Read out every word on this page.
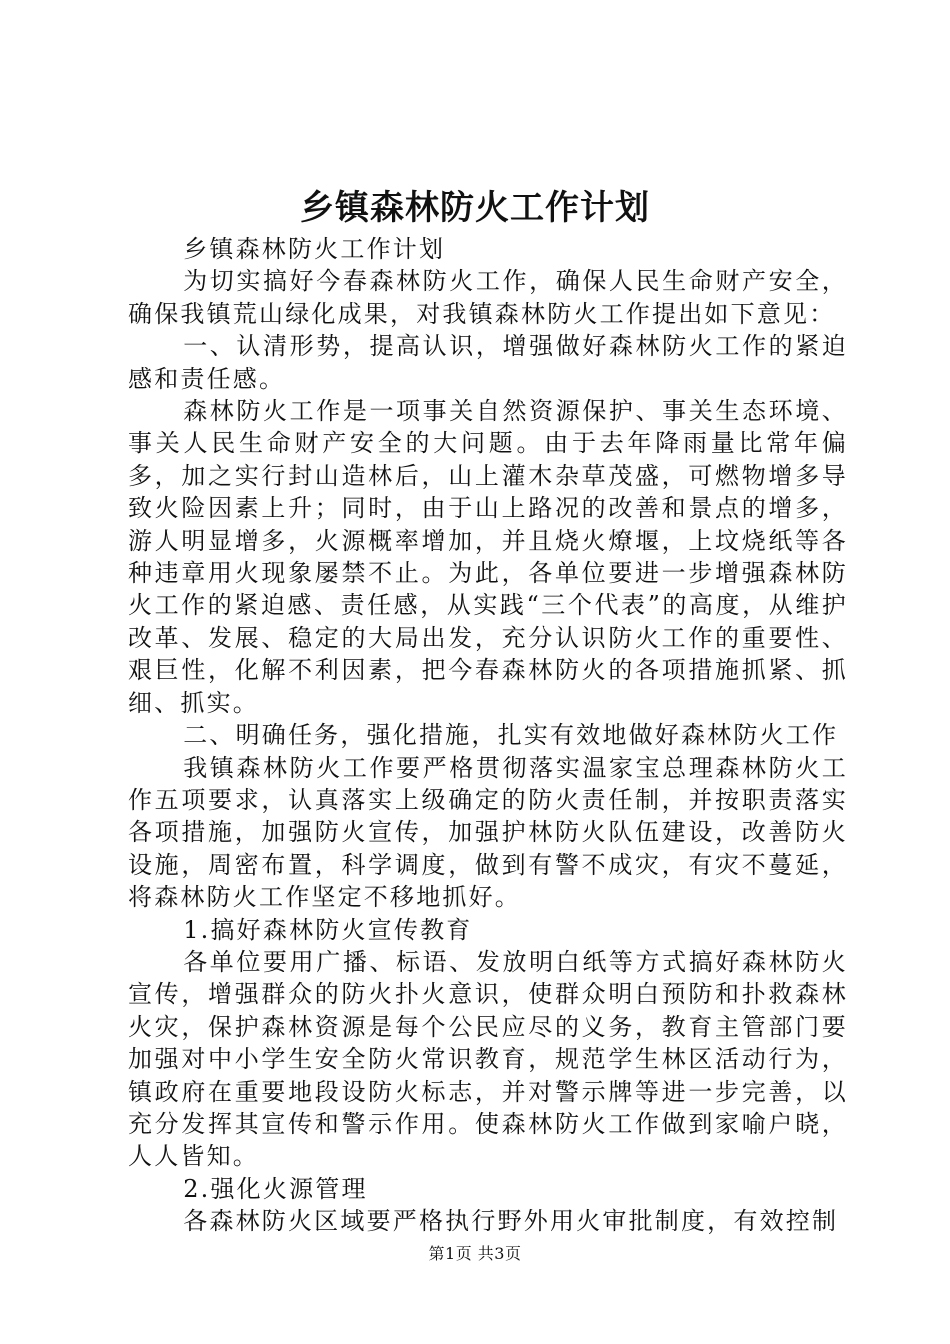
乡镇森林防火工作计划

乡镇森林防火工作计划

为切实搞好今春森林防火工作，确保人民生命财产安全，确保我镇荒山绿化成果，对我镇森林防火工作提出如下意见：

一、认清形势，提高认识，增强做好森林防火工作的紧迫感和责任感。

森林防火工作是一项事关自然资源保护、事关生态环境、事关人民生命财产安全的大问题。由于去年降雨量比常年偏多，加之实行封山造林后，山上灌木杂草茂盛，可燃物增多导致火险因素上升；同时，由于山上路况的改善和景点的增多，游人明显增多，火源概率增加，并且烧火燎堰，上坟烧纸等各种违章用火现象屡禁不止。为此，各单位要进一步增强森林防火工作的紧迫感、责任感，从实践“三个代表”的高度，从维护改革、发展、稳定的大局出发，充分认识防火工作的重要性、艰巨性，化解不利因素，把今春森林防火的各项措施抓紧、抓细、抓实。

二、明确任务，强化措施，扎实有效地做好森林防火工作

我镇森林防火工作要严格贯彻落实温家宝总理森林防火工作五项要求，认真落实上级确定的防火责任制，并按职责落实各项措施，加强防火宣传，加强护林防火队伍建设，改善防火设施，周密布置，科学调度，做到有警不成灾，有灾不蔓延，将森林防火工作坚定不移地抓好。

1.搞好森林防火宣传教育

各单位要用广播、标语、发放明白纸等方式搞好森林防火宣传，增强群众的防火扑火意识，使群众明白预防和扑救森林火灾，保护森林资源是每个公民应尽的义务，教育主管部门要加强对中小学生安全防火常识教育，规范学生林区活动行为，镇政府在重要地段设防火标志，并对警示牌等进一步完善，以充分发挥其宣传和警示作用。使森林防火工作做到家喻户晓，人人皆知。

2.强化火源管理

各森林防火区域要严格执行野外用火审批制度，有效控制

第1页 共3页
